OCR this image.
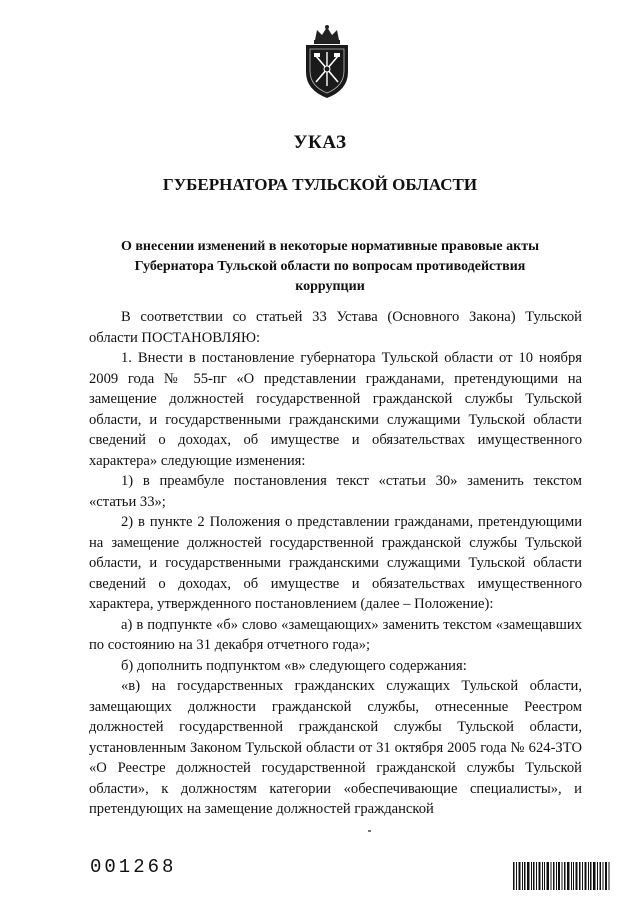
УКАЗ
ГУБЕРНАТОРА ТУЛЬСКОЙ ОБЛАСТИ
О внесении изменений в некоторые нормативные правовые акты Губернатора Тульской области по вопросам противодействия коррупции

В соответствии со статьей 33 Устава (Основного Закона) Тульской области ПОСТАНОВЛЯЮ:

1. Внести в постановление губернатора Тульской области от 10 ноября 2009 года № 55-пг «О представлении гражданами, претендующими на замещение должностей государственной гражданской службы Тульской области, и государственными гражданскими служащими Тульской области сведений о доходах, об имуществе и обязательствах имущественного характера» следующие изменения:

1) в преамбуле постановления текст «статьи 30» заменить текстом «статьи 33»;

2) в пункте 2 Положения о представлении гражданами, претендующими на замещение должностей государственной гражданской службы Тульской области, и государственными гражданскими служащими Тульской области сведений о доходах, об имуществе и обязательствах имущественного характера, утвержденного постановлением (далее – Положение):

а) в подпункте «б» слово «замещающих» заменить текстом «замещавших по состоянию на 31 декабря отчетного года»;

б) дополнить подпунктом «в» следующего содержания:

«в) на государственных гражданских служащих Тульской области, замещающих должности гражданской службы, отнесенные Реестром должностей государственной гражданской службы Тульской области, установленным Законом Тульской области от 31 октября 2005 года № 624-ЗТО «О Реестре должностей государственной гражданской службы Тульской области», к должностям категории «обеспечивающие специалисты», и претендующих на замещение должностей гражданской

001268
